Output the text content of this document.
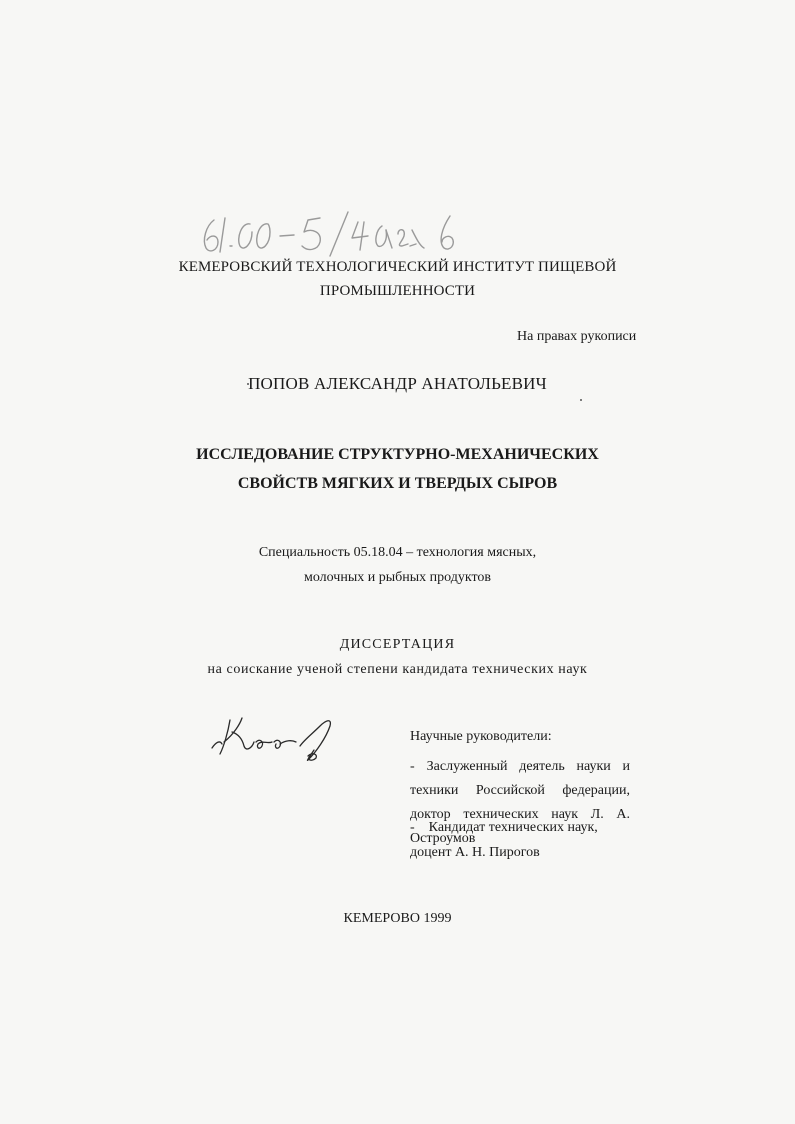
КЕМЕРОВСКИЙ ТЕХНОЛОГИЧЕСКИЙ ИНСТИТУТ ПИЩЕВОЙ
ПРОМЫШЛЕННОСТИ
На правах рукописи
ПОПОВ АЛЕКСАНДР АНАТОЛЬЕВИЧ
ИССЛЕДОВАНИЕ СТРУКТУРНО-МЕХАНИЧЕСКИХ
СВОЙСТВ МЯГКИХ И ТВЕРДЫХ СЫРОВ
Специальность 05.18.04 – технология мясных,
молочных и рыбных продуктов
ДИССЕРТАЦИЯ
на соискание ученой степени кандидата технических наук
Научные руководители:
- Заслуженный деятель науки и техники Российской федерации, доктор технических наук Л. А. Остроумов
- Кандидат технических наук,
доцент А. Н. Пирогов
КЕМЕРОВО 1999
